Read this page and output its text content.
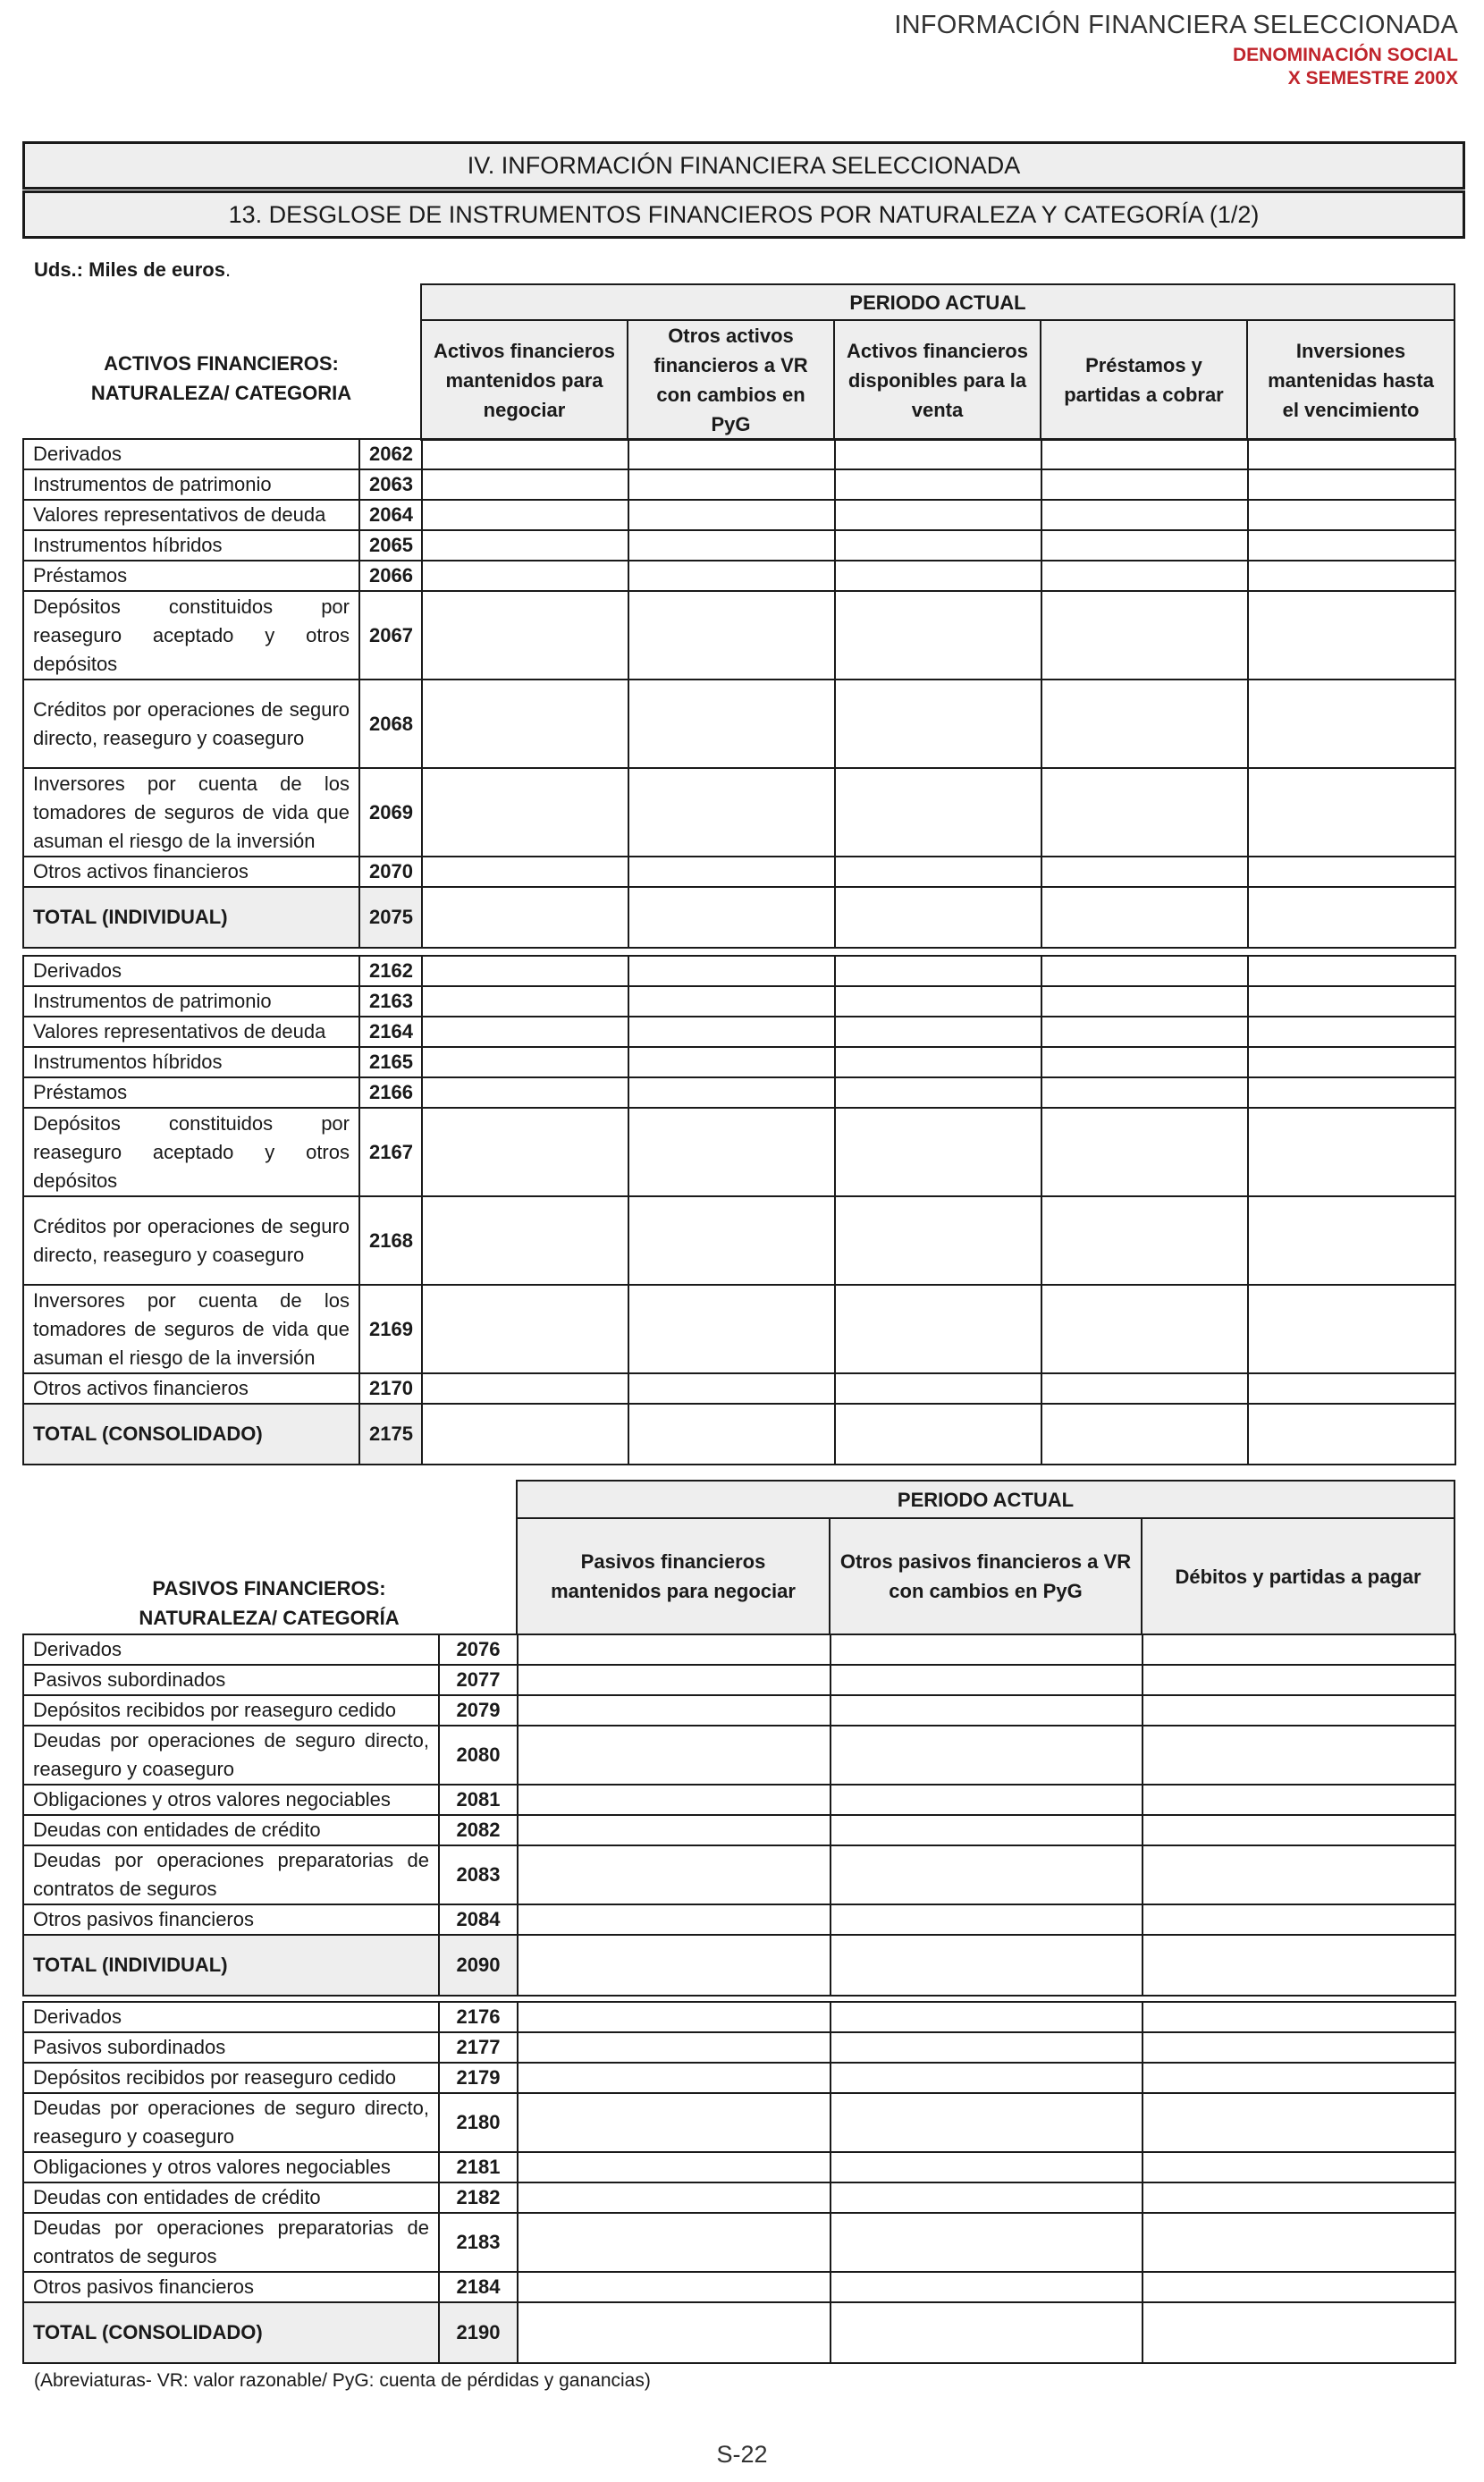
INFORMACIÓN FINANCIERA SELECCIONADA
DENOMINACIÓN SOCIAL
X SEMESTRE 200X
IV. INFORMACIÓN FINANCIERA SELECCIONADA
13. DESGLOSE DE INSTRUMENTOS FINANCIEROS POR NATURALEZA Y CATEGORÍA (1/2)
Uds.: Miles de euros.
ACTIVOS FINANCIEROS:
NATURALEZA/ CATEGORIA	PERIODO ACTUAL				
	Activos financieros mantenidos para negociar	Otros activos financieros a VR con cambios en PyG	Activos financieros disponibles para la venta	Préstamos y partidas a cobrar	Inversiones mantenidas hasta el vencimiento
Derivados	2062					
Instrumentos de patrimonio	2063					
Valores representativos de deuda	2064					
Instrumentos híbridos	2065					
Préstamos	2066					
Depósitos constituidos por reaseguro aceptado y otros depósitos	2067					
Créditos por operaciones de seguro directo, reaseguro y coaseguro	2068					
Inversores por cuenta de los tomadores de seguros de vida que asuman el riesgo de la inversión	2069					
Otros activos financieros	2070					
TOTAL (INDIVIDUAL)	2075					
Derivados	2162					
Instrumentos de patrimonio	2163					
Valores representativos de deuda	2164					
Instrumentos híbridos	2165					
Préstamos	2166					
Depósitos constituidos por reaseguro aceptado y otros depósitos	2167					
Créditos por operaciones de seguro directo, reaseguro y coaseguro	2168					
Inversores por cuenta de los tomadores de seguros de vida que asuman el riesgo de la inversión	2169					
Otros activos financieros	2170					
TOTAL (CONSOLIDADO)	2175					
PASIVOS FINANCIEROS:
NATURALEZA/ CATEGORÍA	PERIODO ACTUAL		
	Pasivos financieros mantenidos para negociar	Otros pasivos financieros a VR con cambios en PyG	Débitos y partidas a pagar
Derivados	2076			
Pasivos subordinados	2077			
Depósitos recibidos por reaseguro cedido	2079			
Deudas por operaciones de seguro directo, reaseguro y coaseguro	2080			
Obligaciones y otros valores negociables	2081			
Deudas con entidades de crédito	2082			
Deudas por operaciones preparatorias de contratos de seguros	2083			
Otros pasivos financieros	2084			
TOTAL (INDIVIDUAL)	2090			
Derivados	2176			
Pasivos subordinados	2177			
Depósitos recibidos por reaseguro cedido	2179			
Deudas por operaciones de seguro directo, reaseguro y coaseguro	2180			
Obligaciones y otros valores negociables	2181			
Deudas con entidades de crédito	2182			
Deudas por operaciones preparatorias de contratos de seguros	2183			
Otros pasivos financieros	2184			
TOTAL (CONSOLIDADO)	2190			
(Abreviaturas- VR: valor razonable/ PyG: cuenta de pérdidas y ganancias)
S-22
